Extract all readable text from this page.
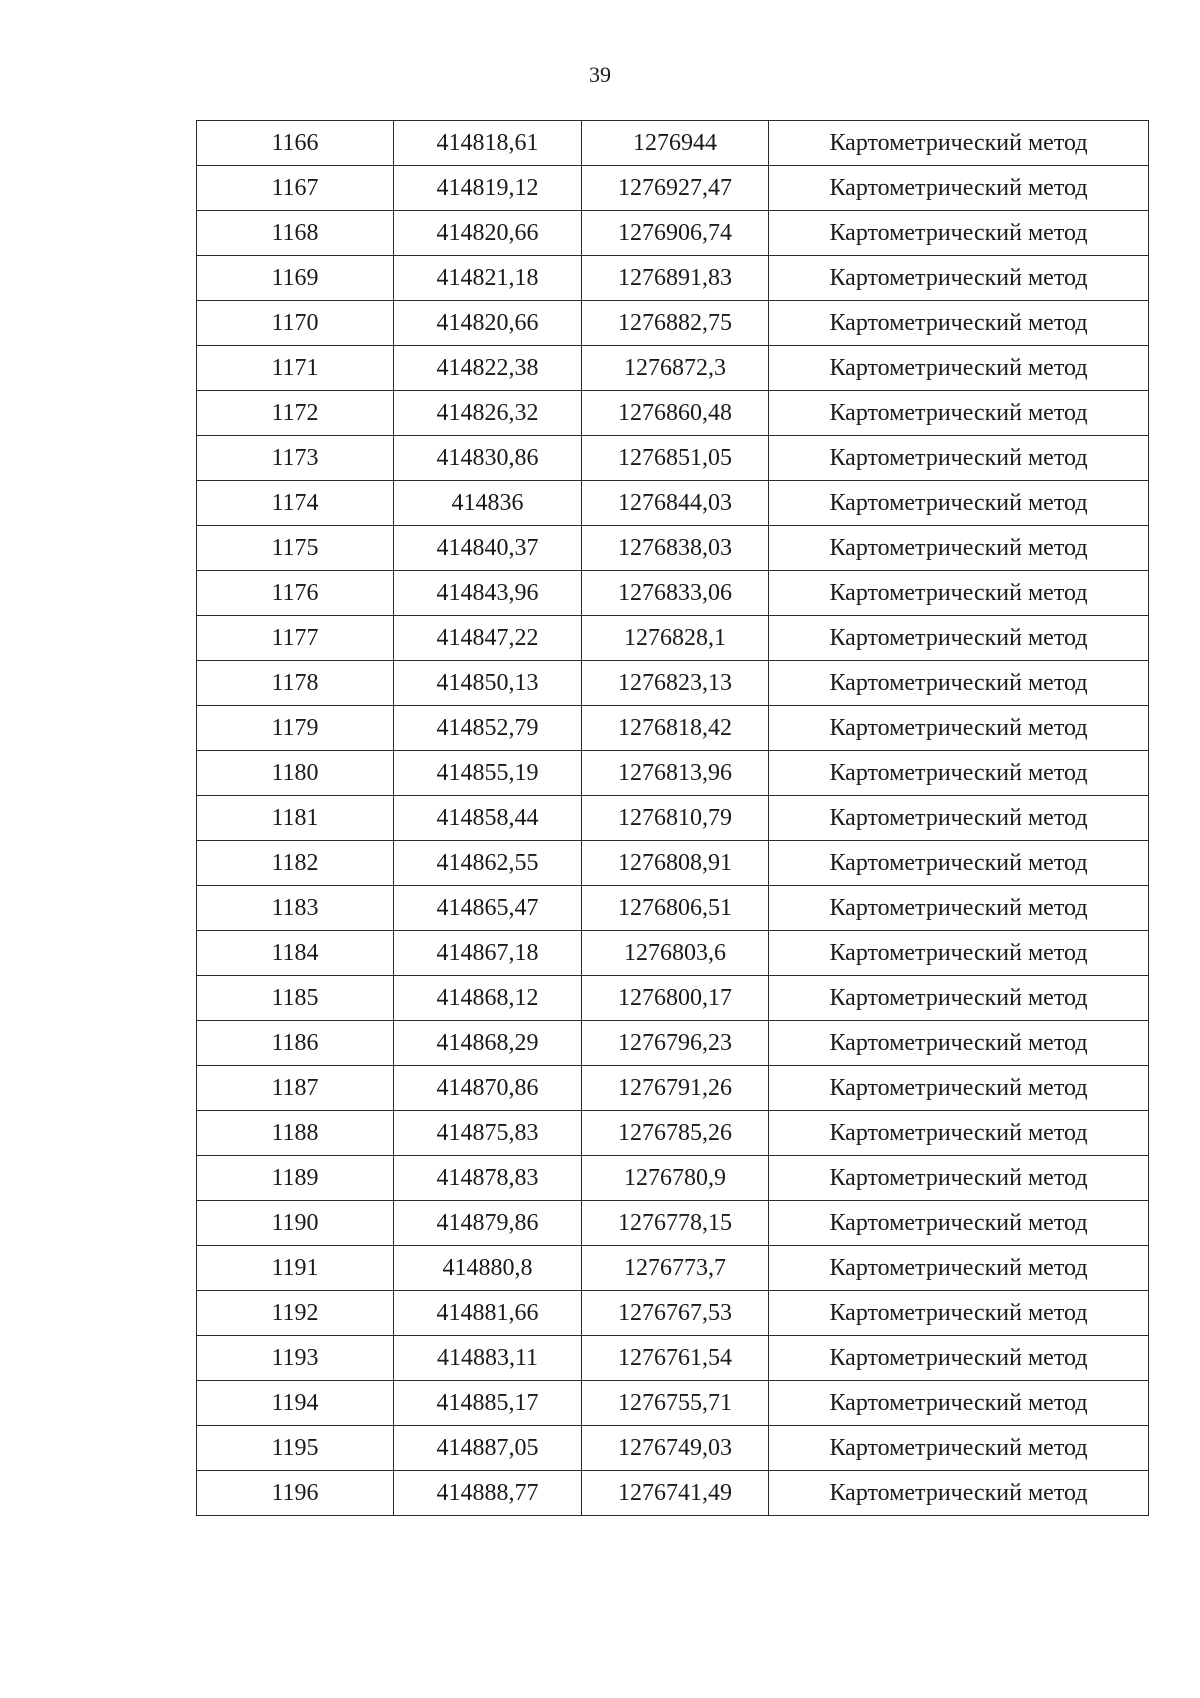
39
1166	414818,61	1276944	Картометрический метод
1167	414819,12	1276927,47	Картометрический метод
1168	414820,66	1276906,74	Картометрический метод
1169	414821,18	1276891,83	Картометрический метод
1170	414820,66	1276882,75	Картометрический метод
1171	414822,38	1276872,3	Картометрический метод
1172	414826,32	1276860,48	Картометрический метод
1173	414830,86	1276851,05	Картометрический метод
1174	414836	1276844,03	Картометрический метод
1175	414840,37	1276838,03	Картометрический метод
1176	414843,96	1276833,06	Картометрический метод
1177	414847,22	1276828,1	Картометрический метод
1178	414850,13	1276823,13	Картометрический метод
1179	414852,79	1276818,42	Картометрический метод
1180	414855,19	1276813,96	Картометрический метод
1181	414858,44	1276810,79	Картометрический метод
1182	414862,55	1276808,91	Картометрический метод
1183	414865,47	1276806,51	Картометрический метод
1184	414867,18	1276803,6	Картометрический метод
1185	414868,12	1276800,17	Картометрический метод
1186	414868,29	1276796,23	Картометрический метод
1187	414870,86	1276791,26	Картометрический метод
1188	414875,83	1276785,26	Картометрический метод
1189	414878,83	1276780,9	Картометрический метод
1190	414879,86	1276778,15	Картометрический метод
1191	414880,8	1276773,7	Картометрический метод
1192	414881,66	1276767,53	Картометрический метод
1193	414883,11	1276761,54	Картометрический метод
1194	414885,17	1276755,71	Картометрический метод
1195	414887,05	1276749,03	Картометрический метод
1196	414888,77	1276741,49	Картометрический метод
